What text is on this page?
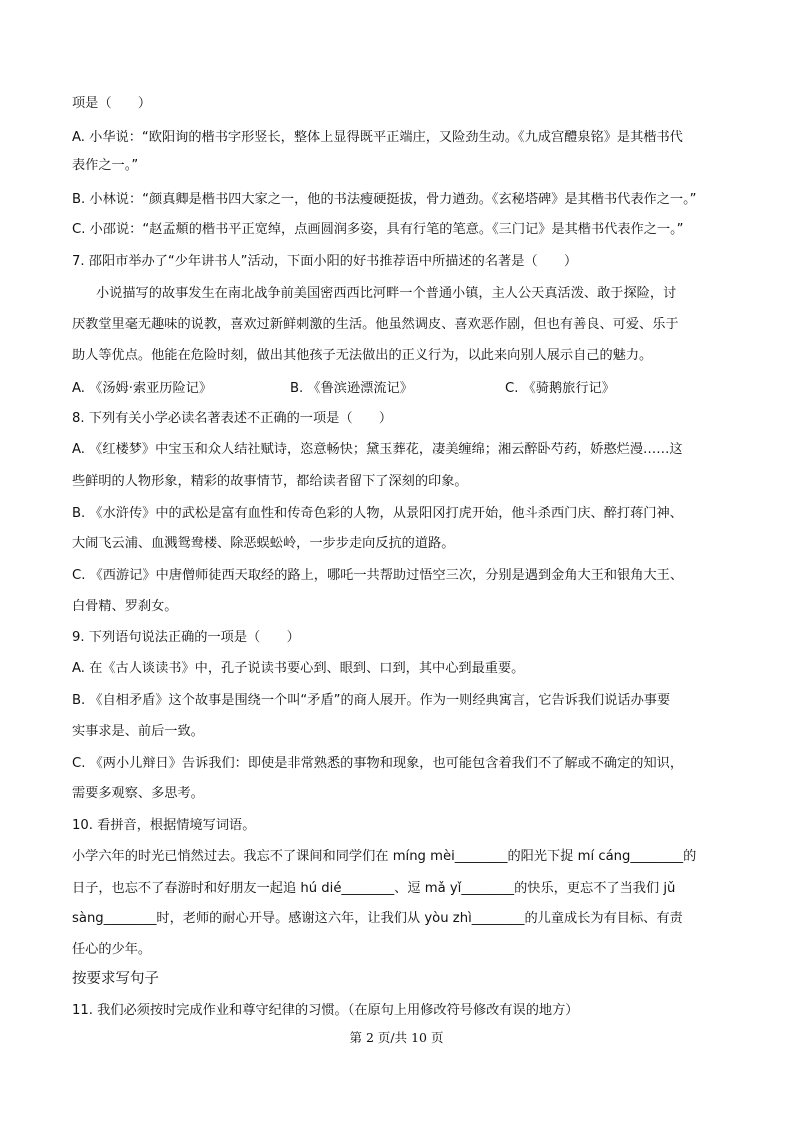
项是（　　）
A. 小华说：“欧阳询的楷书字形竖长，整体上显得既平正端庄，又险劲生动。《九成宫醴泉铭》是其楷书代
表作之一。”
B. 小林说：“颜真卿是楷书四大家之一，他的书法瘦硬挺拔，骨力遒劲。《玄秘塔碑》是其楷书代表作之一。”
C. 小邵说：“赵孟頫的楷书平正宽绰，点画圆润多姿，具有行笔的笔意。《三门记》是其楷书代表作之一。”
7. 邵阳市举办了“少年讲书人”活动，下面小阳的好书推荐语中所描述的名著是（　　）
小说描写的故事发生在南北战争前美国密西西比河畔一个普通小镇，主人公天真活泼、敢于探险，讨
厌教堂里毫无趣味的说教，喜欢过新鲜刺激的生活。他虽然调皮、喜欢恶作剧，但也有善良、可爱、乐于
助人等优点。他能在危险时刻，做出其他孩子无法做出的正义行为，以此来向别人展示自己的魅力。
A. 《汤姆·索亚历险记》	B. 《鲁滨逊漂流记》	C. 《骑鹅旅行记》
8. 下列有关小学必读名著表述不正确的一项是（　　）
A. 《红楼梦》中宝玉和众人结社赋诗，恣意畅快；黛玉葬花，凄美缠绵；湘云醉卧芍药，娇憨烂漫……这
些鲜明的人物形象，精彩的故事情节，都给读者留下了深刻的印象。
B. 《水浒传》中的武松是富有血性和传奇色彩的人物，从景阳冈打虎开始，他斗杀西门庆、醉打蒋门神、
大闹飞云浦、血溅鸳鸯楼、除恶蜈蚣岭，一步步走向反抗的道路。
C. 《西游记》中唐僧师徒西天取经的路上，哪吒一共帮助过悟空三次，分别是遇到金角大王和银角大王、
白骨精、罗刹女。
9. 下列语句说法正确的一项是（　　）
A. 在《古人谈读书》中，孔子说读书要心到、眼到、口到，其中心到最重要。
B. 《自相矛盾》这个故事是围绕一个叫“矛盾”的商人展开。作为一则经典寓言，它告诉我们说话办事要
实事求是、前后一致。
C. 《两小儿辩日》告诉我们：即使是非常熟悉的事物和现象，也可能包含着我们不了解或不确定的知识，
需要多观察、多思考。
10. 看拼音，根据情境写词语。
小学六年的时光已悄然过去。我忘不了课间和同学们在 míng mèi________的阳光下捉 mí cáng________的
日子，也忘不了春游时和好朋友一起追 hú dié________、逗 mǎ yǐ________的快乐，更忘不了当我们 jǔ
sàng________时，老师的耐心开导。感谢这六年，让我们从 yòu zhì________的儿童成长为有目标、有责
任心的少年。
按要求写句子
11. 我们必须按时完成作业和尊守纪律的习惯。（在原句上用修改符号修改有误的地方）
第 2 页/共 10 页
